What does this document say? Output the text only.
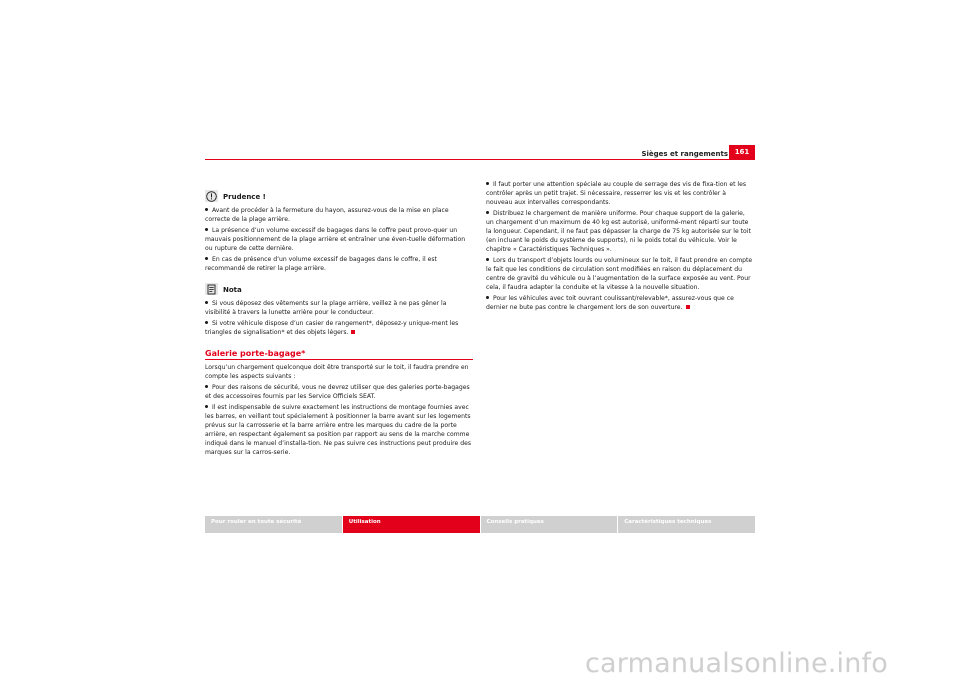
Sièges et rangements 161
Prudence !

Avant de procéder à la fermeture du hayon, assurez-vous de la mise en place correcte de la plage arrière.

La présence d’un volume excessif de bagages dans le coffre peut provo-quer un mauvais positionnement de la plage arrière et entraîner une éven-tuelle déformation ou rupture de cette dernière.

En cas de présence d’un volume excessif de bagages dans le coffre, il est recommandé de retirer la plage arrière.

Nota

Si vous déposez des vêtements sur la plage arrière, veillez à ne pas gêner la visibilité à travers la lunette arrière pour le conducteur.

Si votre véhicule dispose d’un casier de rangement*, déposez-y unique-ment les triangles de signalisation* et des objets légers.

Galerie porte-bagage*

Lorsqu’un chargement quelconque doit être transporté sur le toit, il faudra prendre en compte les aspects suivants :

Pour des raisons de sécurité, vous ne devrez utiliser que des galeries porte-bagages et des accessoires fournis par les Service Officiels SEAT.

Il est indispensable de suivre exactement les instructions de montage fournies avec les barres, en veillant tout spécialement à positionner la barre avant sur les logements prévus sur la carrosserie et la barre arrière entre les marques du cadre de la porte arrière, en respectant également sa position par rapport au sens de la marche comme indiqué dans le manuel d’installa-tion. Ne pas suivre ces instructions peut produire des marques sur la carros-serie.

Il faut porter une attention spéciale au couple de serrage des vis de fixa-tion et les contrôler après un petit trajet. Si nécessaire, resserrer les vis et les contrôler à nouveau aux intervalles correspondants.

Distribuez le chargement de manière uniforme. Pour chaque support de la galerie, un chargement d’un maximum de 40 kg est autorisé, uniformé-ment réparti sur toute la longueur. Cependant, il ne faut pas dépasser la charge de 75 kg autorisée sur le toit (en incluant le poids du système de supports), ni le poids total du véhicule. Voir le chapitre « Caractéristiques Techniques ».

Lors du transport d’objets lourds ou volumineux sur le toit, il faut prendre en compte le fait que les conditions de circulation sont modifiées en raison du déplacement du centre de gravité du véhicule ou à l’augmentation de la surface exposée au vent. Pour cela, il faudra adapter la conduite et la vitesse à la nouvelle situation.

Pour les véhicules avec toit ouvrant coulissant/relevable*, assurez-vous que ce dernier ne bute pas contre le chargement lors de son ouverture.

Pour rouler en toute sécurité	Utilisation	Conseils pratiques	Caractéristiques techniques
carmanualsonline.info
